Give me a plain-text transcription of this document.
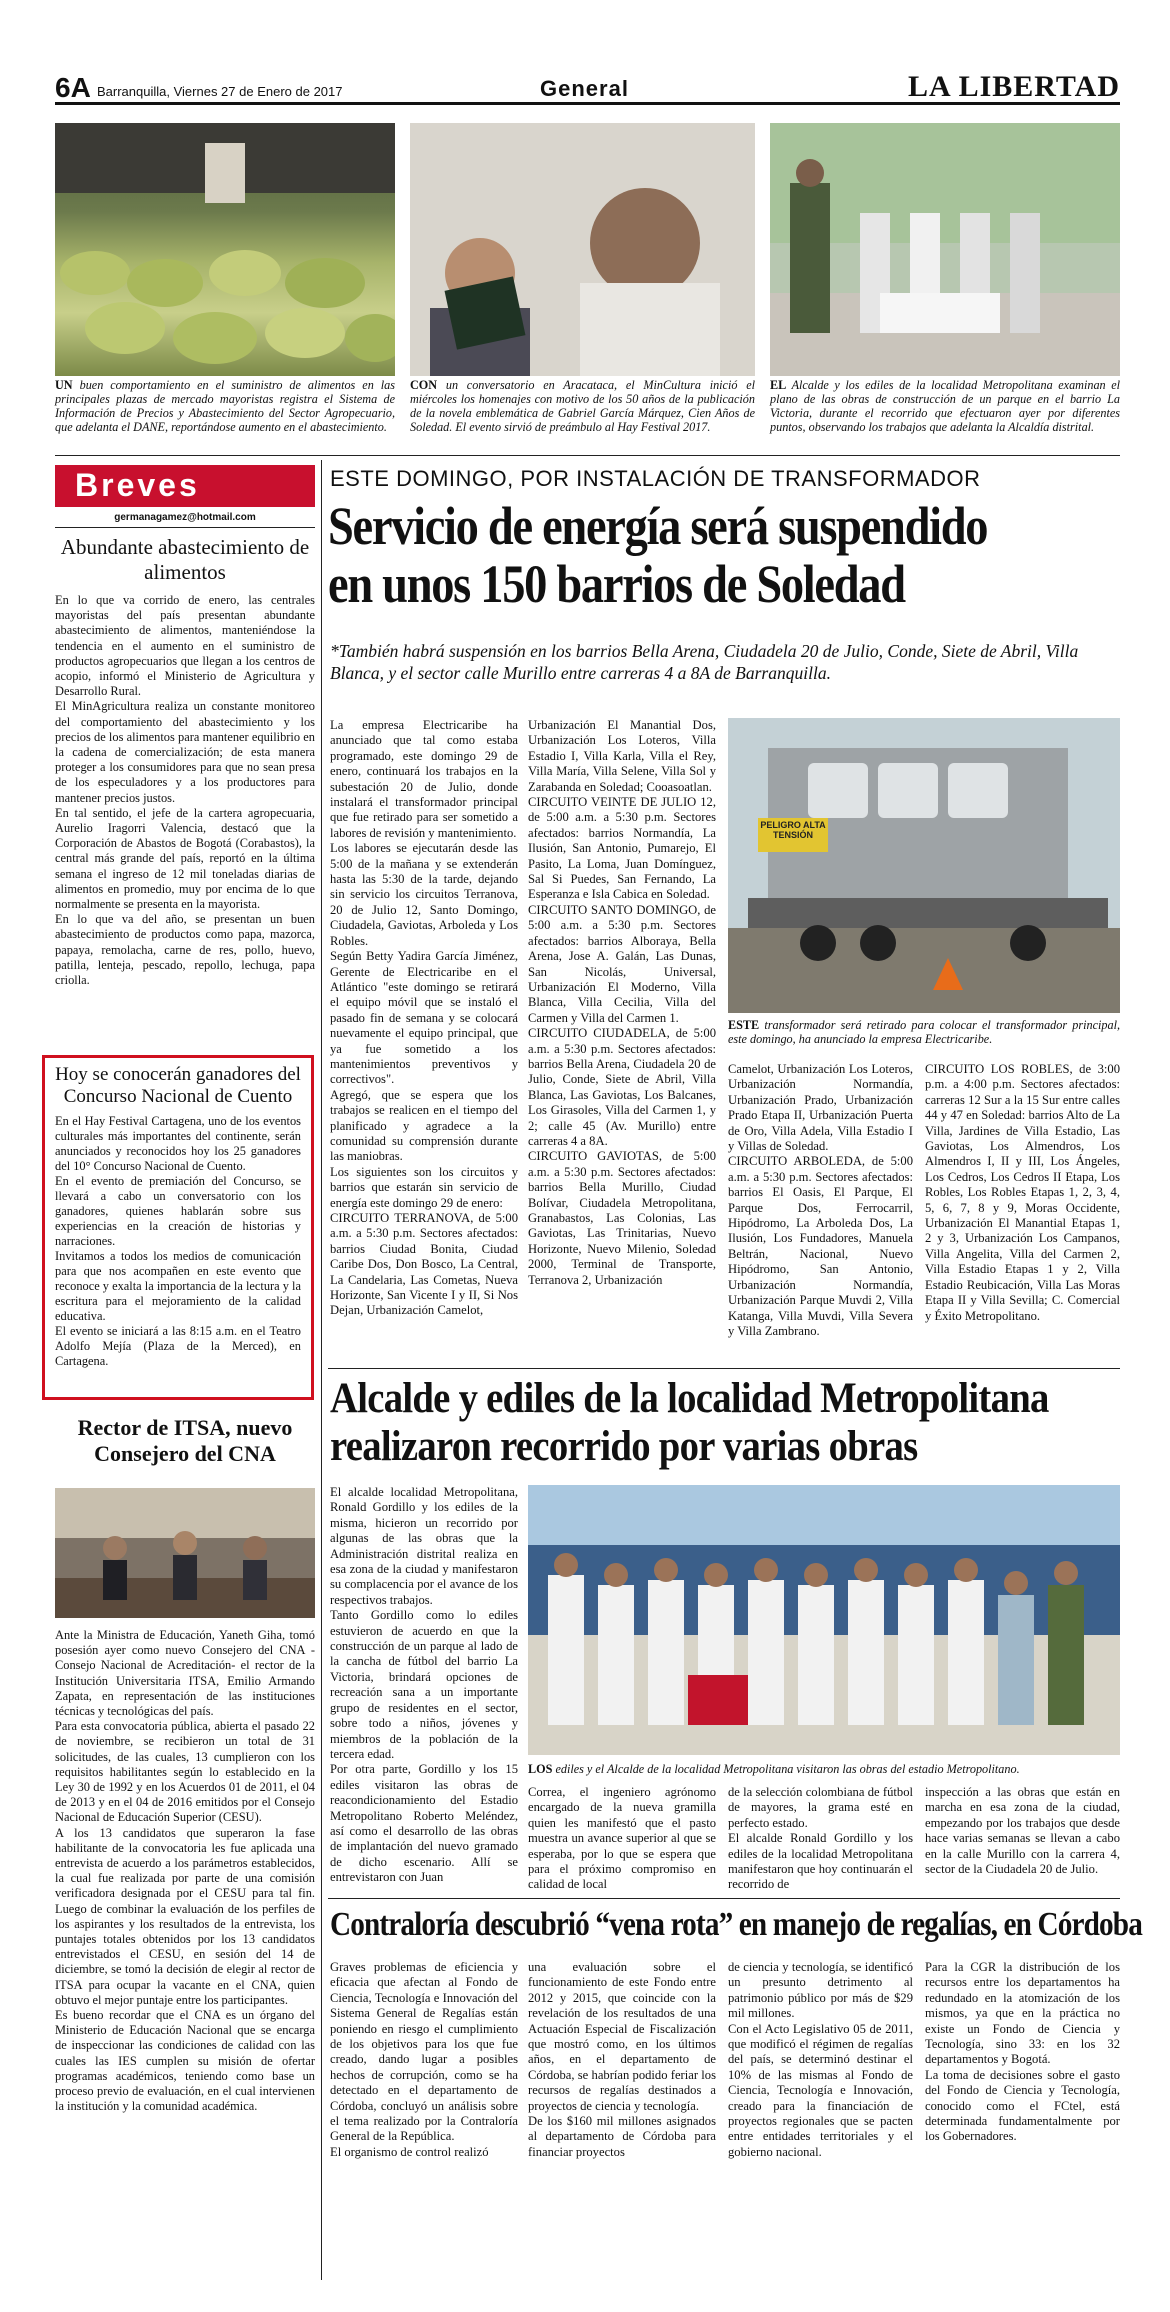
6A Barranquilla, Viernes 27 de Enero de 2017	General	LA LIBERTAD
UN buen comportamiento en el suministro de alimentos en las principales plazas de mercado mayoristas registra el Sistema de Información de Precios y Abastecimiento del Sector Agropecuario, que adelanta el DANE, reportándose aumento en el abastecimiento.
CON un conversatorio en Aracataca, el MinCultura inició el miércoles los homenajes con motivo de los 50 años de la publicación de la novela emblemática de Gabriel García Márquez, Cien Años de Soledad. El evento sirvió de preámbulo al Hay Festival 2017.
EL Alcalde y los ediles de la localidad Metropolitana examinan el plano de las obras de construcción de un parque en el barrio La Victoria, durante el recorrido que efectuaron ayer por diferentes puntos, observando los trabajos que adelanta la Alcaldía distrital.
Breves
germanagamez@hotmail.com
Abundante abastecimiento de alimentos

En lo que va corrido de enero, las centrales mayoristas del país presentan abundante abastecimiento de alimentos, manteniéndose la tendencia en el aumento en el suministro de productos agropecuarios que llegan a los centros de acopio, informó el Ministerio de Agricultura y Desarrollo Rural.

El MinAgricultura realiza un constante monitoreo del comportamiento del abastecimiento y los precios de los alimentos para mantener equilibrio en la cadena de comercialización; de esta manera proteger a los consumidores para que no sean presa de los especuladores y a los productores para mantener precios justos.

En tal sentido, el jefe de la cartera agropecuaria, Aurelio Iragorri Valencia, destacó que la Corporación de Abastos de Bogotá (Corabastos), la central más grande del país, reportó en la última semana el ingreso de 12 mil toneladas diarias de alimentos en promedio, muy por encima de lo que normalmente se presenta en la mayorista.

En lo que va del año, se presentan un buen abastecimiento de productos como papa, mazorca, papaya, remolacha, carne de res, pollo, huevo, patilla, lenteja, pescado, repollo, lechuga, papa criolla.

Hoy se conocerán ganadores del Concurso Nacional de Cuento

En el Hay Festival Cartagena, uno de los eventos culturales más importantes del continente, serán anunciados y reconocidos hoy los 25 ganadores del 10° Concurso Nacional de Cuento.

En el evento de premiación del Concurso, se llevará a cabo un conversatorio con los ganadores, quienes hablarán sobre sus experiencias en la creación de historias y narraciones.

Invitamos a todos los medios de comunicación para que nos acompañen en este evento que reconoce y exalta la importancia de la lectura y la escritura para el mejoramiento de la calidad educativa.

El evento se iniciará a las 8:15 a.m. en el Teatro Adolfo Mejía (Plaza de la Merced), en Cartagena.

Rector de ITSA, nuevo Consejero del CNA

Ante la Ministra de Educación, Yaneth Giha, tomó posesión ayer como nuevo Consejero del CNA -Consejo Nacional de Acreditación- el rector de la Institución Universitaria ITSA, Emilio Armando Zapata, en representación de las instituciones técnicas y tecnológicas del país.

Para esta convocatoria pública, abierta el pasado 22 de noviembre, se recibieron un total de 31 solicitudes, de las cuales, 13 cumplieron con los requisitos habilitantes según lo establecido en la Ley 30 de 1992 y en los Acuerdos 01 de 2011, el 04 de 2013 y en el 04 de 2016 emitidos por el Consejo Nacional de Educación Superior (CESU).

A los 13 candidatos que superaron la fase habilitante de la convocatoria les fue aplicada una entrevista de acuerdo a los parámetros establecidos, la cual fue realizada por parte de una comisión verificadora designada por el CESU para tal fin. Luego de combinar la evaluación de los perfiles de los aspirantes y los resultados de la entrevista, los puntajes totales obtenidos por los 13 candidatos entrevistados el CESU, en sesión del 14 de diciembre, se tomó la decisión de elegir al rector de ITSA para ocupar la vacante en el CNA, quien obtuvo el mejor puntaje entre los participantes.

Es bueno recordar que el CNA es un órgano del Ministerio de Educación Nacional que se encarga de inspeccionar las condiciones de calidad con las cuales las IES cumplen su misión de ofertar programas académicos, teniendo como base un proceso previo de evaluación, en el cual intervienen la institución y la comunidad académica.

ESTE DOMINGO, POR INSTALACIÓN DE TRANSFORMADOR
Servicio de energía será suspendido
en unos 150 barrios de Soledad
*También habrá suspensión en los barrios Bella Arena, Ciudadela 20 de Julio, Conde, Siete de Abril, Villa Blanca, y el sector calle Murillo entre carreras 4 a 8A de Barranquilla.

La empresa Electricaribe ha anunciado que tal como estaba programado, este domingo 29 de enero, continuará los trabajos en la subestación 20 de Julio, donde instalará el transformador principal que fue retirado para ser sometido a labores de revisión y mantenimiento.

Los labores se ejecutarán desde las 5:00 de la mañana y se extenderán hasta las 5:30 de la tarde, dejando sin servicio los circuitos Terranova, 20 de Julio 12, Santo Domingo, Ciudadela, Gaviotas, Arboleda y Los Robles.

Según Betty Yadira García Jiménez, Gerente de Electricaribe en el Atlántico "este domingo se retirará el equipo móvil que se instaló el pasado fin de semana y se colocará nuevamente el equipo principal, que ya fue sometido a los mantenimientos preventivos y correctivos".

Agregó, que se espera que los trabajos se realicen en el tiempo del planificado y agradece a la comunidad su comprensión durante las maniobras.

Los siguientes son los circuitos y barrios que estarán sin servicio de energía este domingo 29 de enero:

CIRCUITO TERRANOVA, de 5:00 a.m. a 5:30 p.m. Sectores afectados: barrios Ciudad Bonita, Ciudad Caribe Dos, Don Bosco, La Central, La Candelaria, Las Cometas, Nueva Horizonte, San Vicente I y II, Si Nos Dejan, Urbanización Camelot,

Urbanización El Manantial Dos, Urbanización Los Loteros, Villa Estadio I, Villa Karla, Villa el Rey, Villa María, Villa Selene, Villa Sol y Zarabanda en Soledad; Cooasoatlan.

CIRCUITO VEINTE DE JULIO 12, de 5:00 a.m. a 5:30 p.m. Sectores afectados: barrios Normandía, La Ilusión, San Antonio, Pumarejo, El Pasito, La Loma, Juan Domínguez, Sal Si Puedes, San Fernando, La Esperanza e Isla Cabica en Soledad.

CIRCUITO SANTO DOMINGO, de 5:00 a.m. a 5:30 p.m. Sectores afectados: barrios Alboraya, Bella Arena, Jose A. Galán, Las Dunas, San Nicolás, Universal, Urbanización El Moderno, Villa Blanca, Villa Cecilia, Villa del Carmen y Villa del Carmen 1.

CIRCUITO CIUDADELA, de 5:00 a.m. a 5:30 p.m. Sectores afectados: barrios Bella Arena, Ciudadela 20 de Julio, Conde, Siete de Abril, Villa Blanca, Las Gaviotas, Los Balcanes, Los Girasoles, Villa del Carmen 1, y 2; calle 45 (Av. Murillo) entre carreras 4 a 8A.

CIRCUITO GAVIOTAS, de 5:00 a.m. a 5:30 p.m. Sectores afectados: barrios Bella Murillo, Ciudad Bolívar, Ciudadela Metropolitana, Granabastos, Las Colonias, Las Gaviotas, Las Trinitarias, Nuevo Horizonte, Nuevo Milenio, Soledad 2000, Terminal de Transporte, Terranova 2, Urbanización

PELIGRO ALTA TENSIÓN
ESTE transformador será retirado para colocar el transformador principal, este domingo, ha anunciado la empresa Electricaribe.

Camelot, Urbanización Los Loteros, Urbanización Normandía, Urbanización Prado, Urbanización Prado Etapa II, Urbanización Puerta de Oro, Villa Adela, Villa Estadio I y Villas de Soledad.

CIRCUITO ARBOLEDA, de 5:00 a.m. a 5:30 p.m. Sectores afectados: barrios El Oasis, El Parque, El Parque Dos, Ferrocarril, Hipódromo, La Arboleda Dos, La Ilusión, Los Fundadores, Manuela Beltrán, Nacional, Nuevo Hipódromo, San Antonio, Urbanización Normandía, Urbanización Parque Muvdi 2, Villa Katanga, Villa Muvdi, Villa Severa y Villa Zambrano.

CIRCUITO LOS ROBLES, de 3:00 p.m. a 4:00 p.m. Sectores afectados: carreras 12 Sur a la 15 Sur entre calles 44 y 47 en Soledad: barrios Alto de La Villa, Jardines de Villa Estadio, Las Gaviotas, Los Almendros, Los Almendros I, II y III, Los Ángeles, Los Cedros, Los Cedros II Etapa, Los Robles, Los Robles Etapas 1, 2, 3, 4, 5, 6, 7, 8 y 9, Moras Occidente, Urbanización El Manantial Etapas 1, 2 y 3, Urbanización Los Campanos, Villa Angelita, Villa del Carmen 2, Villa Estadio Etapas 1 y 2, Villa Estadio Reubicación, Villa Las Moras Etapa II y Villa Sevilla; C. Comercial y Éxito Metropolitano.

Alcalde y ediles de la localidad Metropolitana
realizaron recorrido por varias obras

El alcalde localidad Metropolitana, Ronald Gordillo y los ediles de la misma, hicieron un recorrido por algunas de las obras que la Administración distrital realiza en esa zona de la ciudad y manifestaron su complacencia por el avance de los respectivos trabajos.

Tanto Gordillo como lo ediles estuvieron de acuerdo en que la construcción de un parque al lado de la cancha de fútbol del barrio La Victoria, brindará opciones de recreación sana a un importante grupo de residentes en el sector, sobre todo a niños, jóvenes y miembros de la población de la tercera edad.

Por otra parte, Gordillo y los 15 ediles visitaron las obras de reacondicionamiento del Estadio Metropolitano Roberto Meléndez, así como el desarrollo de las obras de implantación del nuevo gramado de dicho escenario. Allí se entrevistaron con Juan

LOS ediles y el Alcalde de la localidad Metropolitana visitaron las obras del estadio Metropolitano.

Correa, el ingeniero agrónomo encargado de la nueva gramilla quien les manifestó que el pasto muestra un avance superior al que se esperaba, por lo que se espera que para el próximo compromiso en calidad de local

de la selección colombiana de fútbol de mayores, la grama esté en perfecto estado.

El alcalde Ronald Gordillo y los ediles de la localidad Metropolitana manifestaron que hoy continuarán el recorrido de

inspección a las obras que están en marcha en esa zona de la ciudad, empezando por los trabajos que desde hace varias semanas se llevan a cabo en la calle Murillo con la carrera 4, sector de la Ciudadela 20 de Julio.

Contraloría descubrió “vena rota” en manejo de regalías, en Córdoba

Graves problemas de eficiencia y eficacia que afectan al Fondo de Ciencia, Tecnología e Innovación del Sistema General de Regalías están poniendo en riesgo el cumplimiento de los objetivos para los que fue creado, dando lugar a posibles hechos de corrupción, como se ha detectado en el departamento de Córdoba, concluyó un análisis sobre el tema realizado por la Contraloría General de la República.

El organismo de control realizó

una evaluación sobre el funcionamiento de este Fondo entre 2012 y 2015, que coincide con la revelación de los resultados de una Actuación Especial de Fiscalización que mostró como, en los últimos años, en el departamento de Córdoba, se habrían podido feriar los recursos de regalías destinados a proyectos de ciencia y tecnología.

De los $160 mil millones asignados al departamento de Córdoba para financiar proyectos

de ciencia y tecnología, se identificó un presunto detrimento al patrimonio público por más de $29 mil millones.

Con el Acto Legislativo 05 de 2011, que modificó el régimen de regalías del país, se determinó destinar el 10% de las mismas al Fondo de Ciencia, Tecnología e Innovación, creado para la financiación de proyectos regionales que se pacten entre entidades territoriales y el gobierno nacional.

Para la CGR la distribución de los recursos entre los departamentos ha redundado en la atomización de los mismos, ya que en la práctica no existe un Fondo de Ciencia y Tecnología, sino 33: en los 32 departamentos y Bogotá.

La toma de decisiones sobre el gasto del Fondo de Ciencia y Tecnología, conocido como el FCtel, está determinada fundamentalmente por los Gobernadores.
